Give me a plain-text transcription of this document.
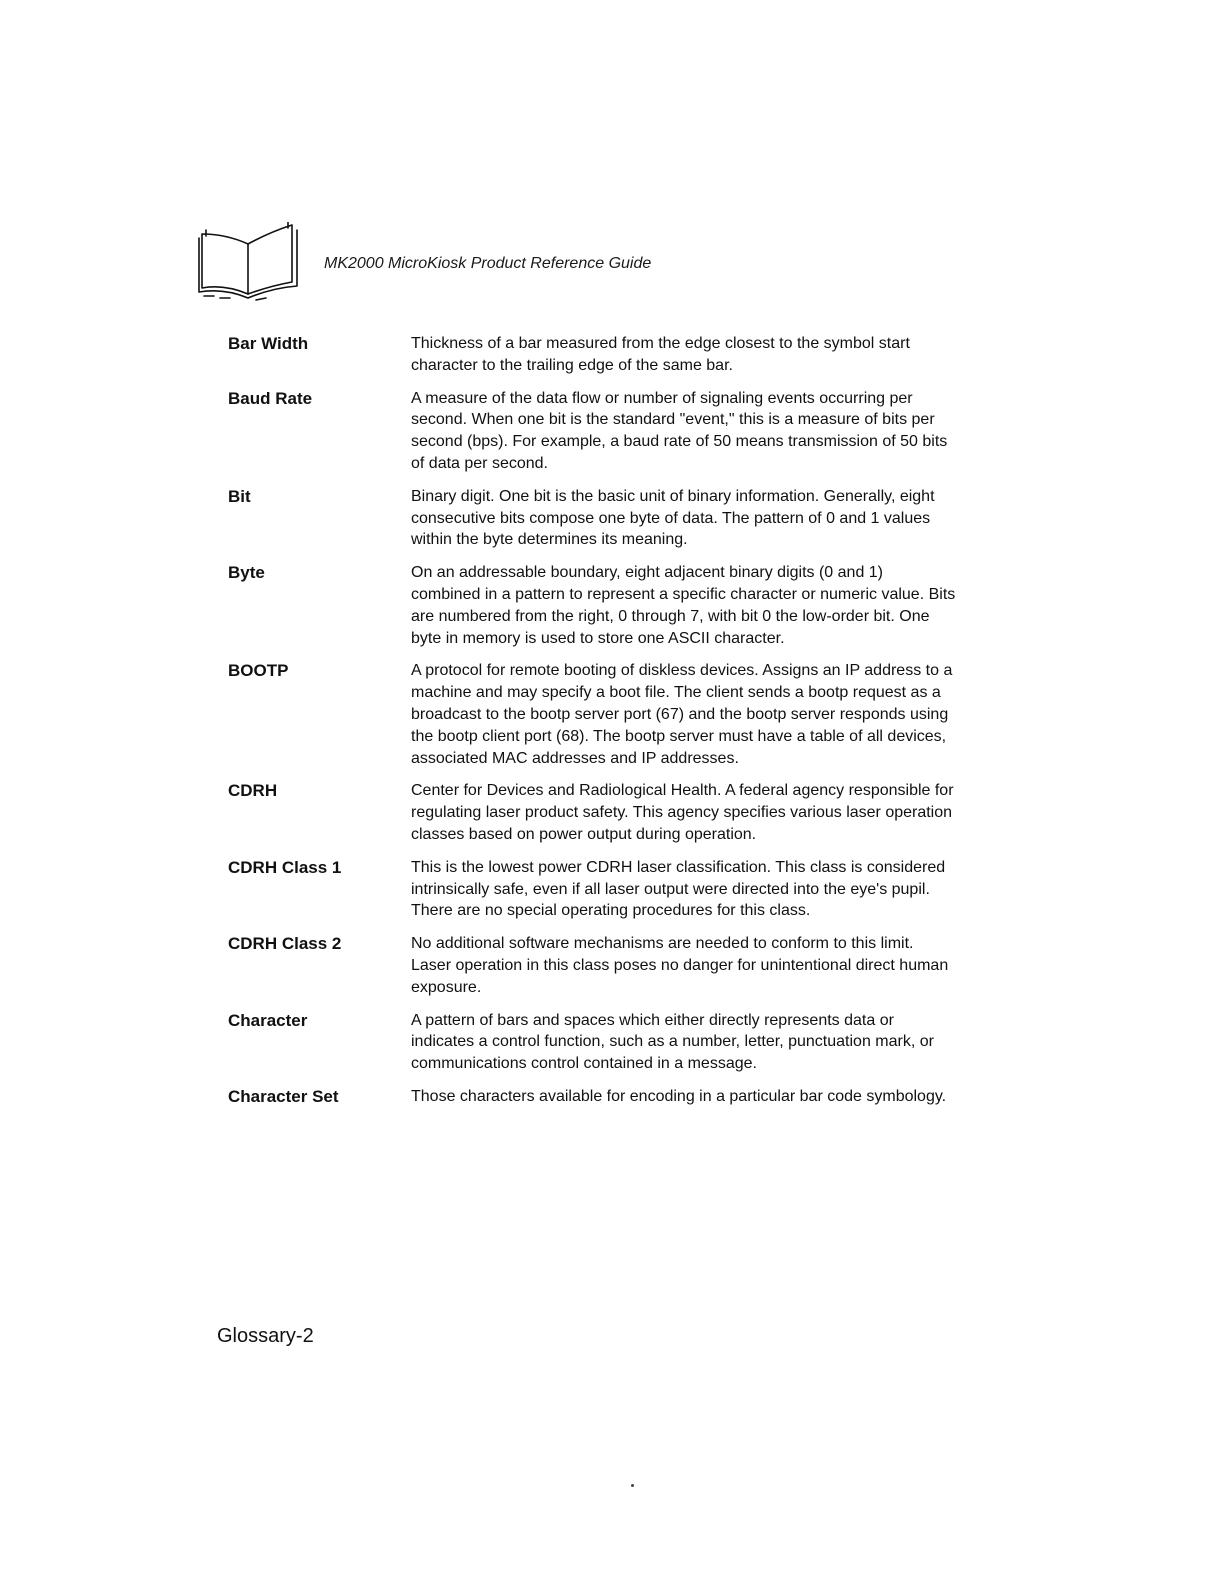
MK2000 MicroKiosk Product Reference Guide
Bar Width	Thickness of a bar measured from the edge closest to the symbol start character to the trailing edge of the same bar.
Baud Rate	A measure of the data flow or number of signaling events occurring per second. When one bit is the standard "event," this is a measure of bits per second (bps). For example, a baud rate of 50 means transmission of 50 bits of data per second.
Bit	Binary digit. One bit is the basic unit of binary information. Generally, eight consecutive bits compose one byte of data. The pattern of 0 and 1 values within the byte determines its meaning.
Byte	On an addressable boundary, eight adjacent binary digits (0 and 1) combined in a pattern to represent a specific character or numeric value. Bits are numbered from the right, 0 through 7, with bit 0 the low-order bit. One byte in memory is used to store one ASCII character.
BOOTP	A protocol for remote booting of diskless devices. Assigns an IP address to a machine and may specify a boot file. The client sends a bootp request as a broadcast to the bootp server port (67) and the bootp server responds using the bootp client port (68). The bootp server must have a table of all devices, associated MAC addresses and IP addresses.
CDRH	Center for Devices and Radiological Health. A federal agency responsible for regulating laser product safety. This agency specifies various laser operation classes based on power output during operation.
CDRH Class 1	This is the lowest power CDRH laser classification. This class is considered intrinsically safe, even if all laser output were directed into the eye's pupil. There are no special operating procedures for this class.
CDRH Class 2	No additional software mechanisms are needed to conform to this limit. Laser operation in this class poses no danger for unintentional direct human exposure.
Character	A pattern of bars and spaces which either directly represents data or indicates a control function, such as a number, letter, punctuation mark, or communications control contained in a message.
Character Set	Those characters available for encoding in a particular bar code symbology.
Glossary-2
